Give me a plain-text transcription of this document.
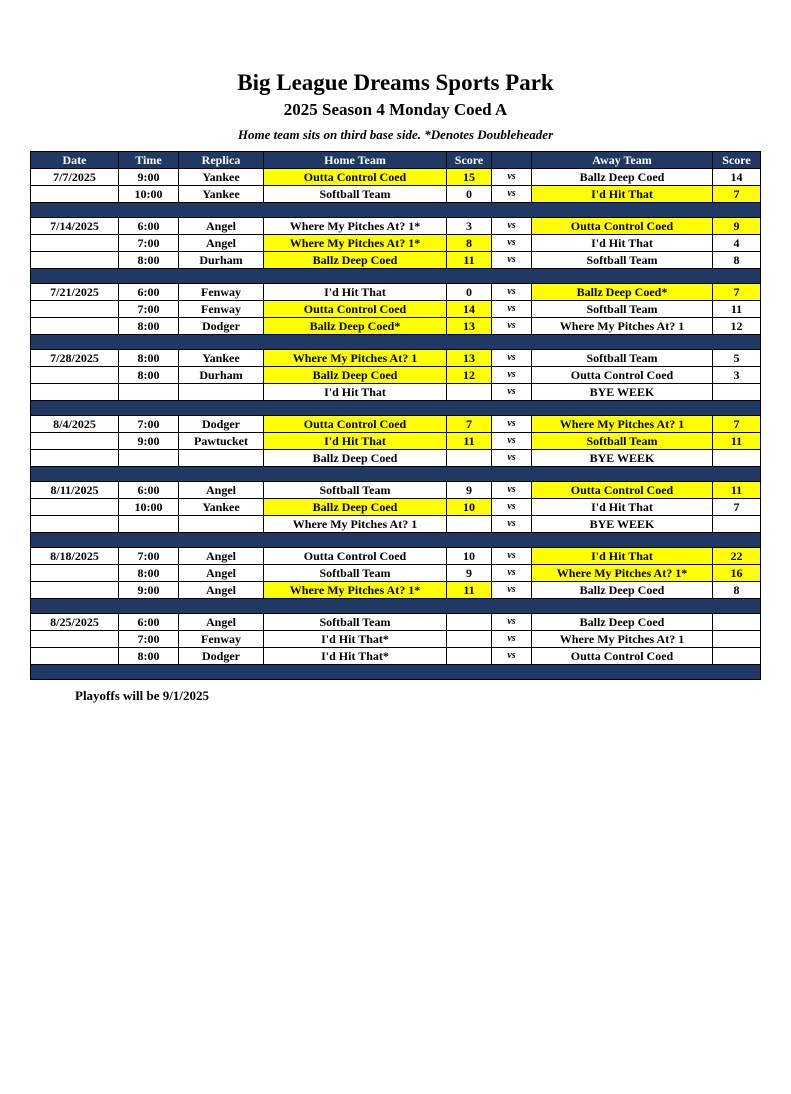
Big League Dreams Sports Park
2025 Season 4 Monday Coed A
Home team sits on third base side. *Denotes Doubleheader
Date	Time	Replica	Home Team	Score		Away Team	Score
7/7/2025	9:00	Yankee	Outta Control Coed	15	vs	Ballz Deep Coed	14
	10:00	Yankee	Softball Team	0	vs	I'd Hit That	7

7/14/2025	6:00	Angel	Where My Pitches At? 1*	3	vs	Outta Control Coed	9
	7:00	Angel	Where My Pitches At? 1*	8	vs	I'd Hit That	4
	8:00	Durham	Ballz Deep Coed	11	vs	Softball Team	8

7/21/2025	6:00	Fenway	I'd Hit That	0	vs	Ballz Deep Coed*	7
	7:00	Fenway	Outta Control Coed	14	vs	Softball Team	11
	8:00	Dodger	Ballz Deep Coed*	13	vs	Where My Pitches At? 1	12

7/28/2025	8:00	Yankee	Where My Pitches At? 1	13	vs	Softball Team	5
	8:00	Durham	Ballz Deep Coed	12	vs	Outta Control Coed	3
			I'd Hit That		vs	BYE WEEK	

8/4/2025	7:00	Dodger	Outta Control Coed	7	vs	Where My Pitches At? 1	7
	9:00	Pawtucket	I'd Hit That	11	vs	Softball Team	11
			Ballz Deep Coed		vs	BYE WEEK	

8/11/2025	6:00	Angel	Softball Team	9	vs	Outta Control Coed	11
	10:00	Yankee	Ballz Deep Coed	10	vs	I'd Hit That	7
			Where My Pitches At? 1		vs	BYE WEEK	

8/18/2025	7:00	Angel	Outta Control Coed	10	vs	I'd Hit That	22
	8:00	Angel	Softball Team	9	vs	Where My Pitches At? 1*	16
	9:00	Angel	Where My Pitches At? 1*	11	vs	Ballz Deep Coed	8

8/25/2025	6:00	Angel	Softball Team		vs	Ballz Deep Coed	
	7:00	Fenway	I'd Hit That*		vs	Where My Pitches At? 1	
	8:00	Dodger	I'd Hit That*		vs	Outta Control Coed	

Playoffs will be 9/1/2025
